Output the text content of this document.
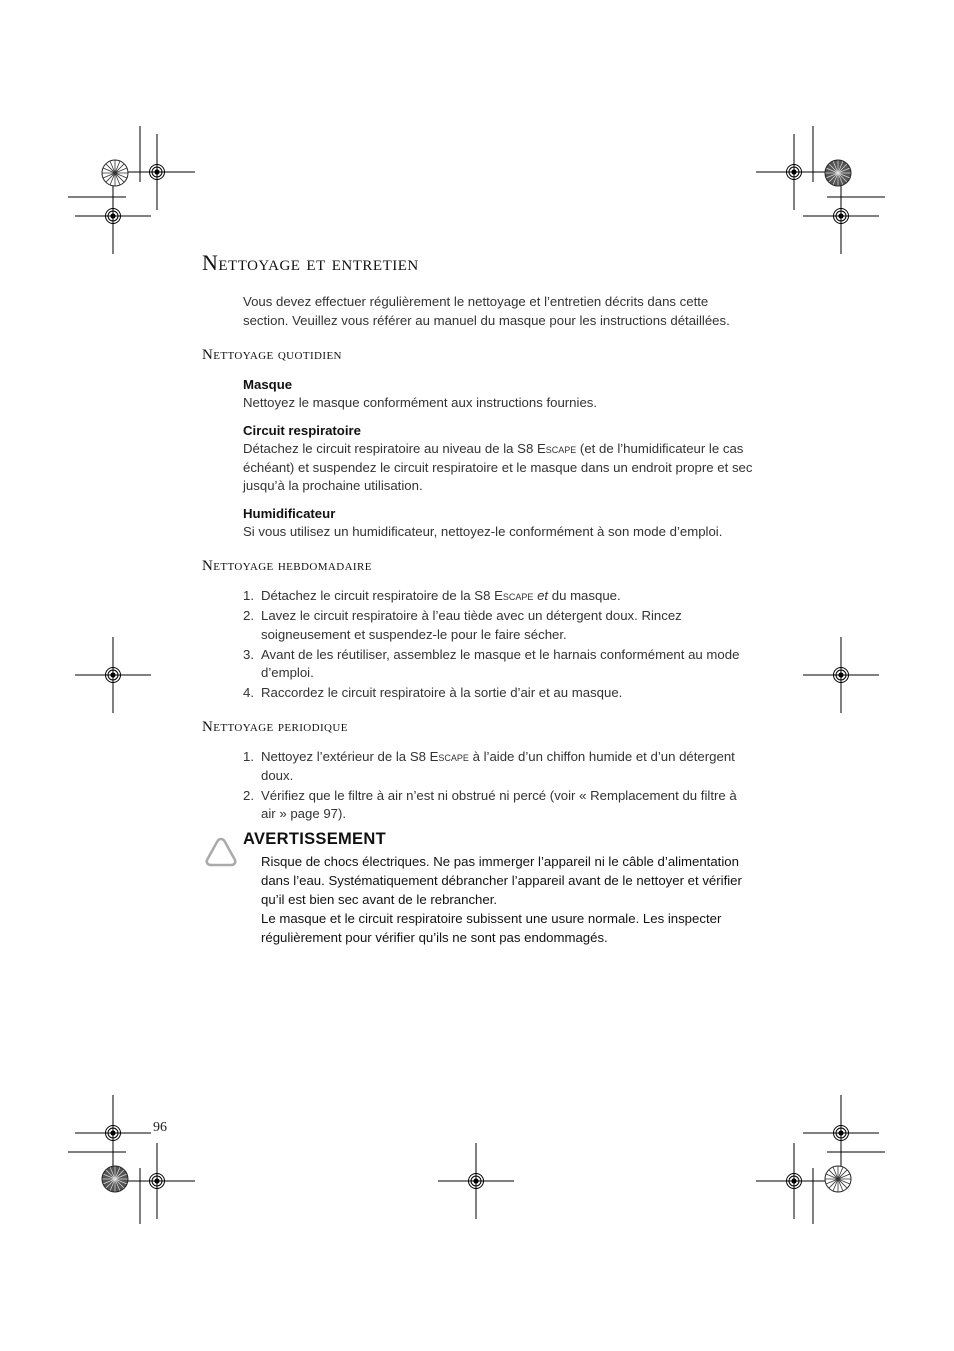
Nettoyage et entretien

Vous devez effectuer régulièrement le nettoyage et l’entretien décrits dans cette section. Veuillez vous référer au manuel du masque pour les instructions détaillées.

Nettoyage quotidien
Masque

Nettoyez le masque conformément aux instructions fournies.

Circuit respiratoire

Détachez le circuit respiratoire au niveau de la S8 Escape (et de l’humidificateur le cas échéant) et suspendez le circuit respiratoire et le masque dans un endroit propre et sec jusqu’à la prochaine utilisation.

Humidificateur

Si vous utilisez un humidificateur, nettoyez-le conformément à son mode d’emploi.

Nettoyage hebdomadaire
1. Détachez le circuit respiratoire de la S8 Escape et du masque.
2. Lavez le circuit respiratoire à l’eau tiède avec un détergent doux. Rincez soigneusement et suspendez-le pour le faire sécher.
3. Avant de les réutiliser, assemblez le masque et le harnais conformément au mode d’emploi.
4. Raccordez le circuit respiratoire à la sortie d’air et au masque.
Nettoyage periodique
1. Nettoyez l’extérieur de la S8 Escape à l’aide d’un chiffon humide et d’un détergent doux.
2. Vérifiez que le filtre à air n’est ni obstrué ni percé (voir « Remplacement du filtre à air » page 97).
AVERTISSEMENT

Risque de chocs électriques. Ne pas immerger l’appareil ni le câble d’alimentation dans l’eau. Systématiquement débrancher l’appareil avant de le nettoyer et vérifier qu’il est bien sec avant de le rebrancher.

Le masque et le circuit respiratoire subissent une usure normale. Les inspecter régulièrement pour vérifier qu’ils ne sont pas endommagés.

96
